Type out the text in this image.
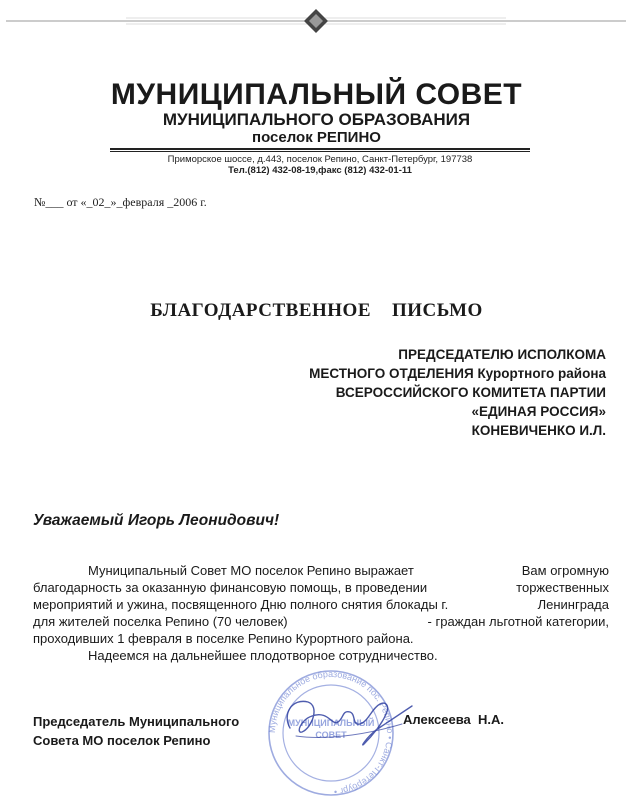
МУНИЦИПАЛЬНЫЙ СОВЕТ
МУНИЦИПАЛЬНОГО ОБРАЗОВАНИЯ
поселок РЕПИНО
Приморское шоссе, д.443, поселок Репино, Санкт-Петербург, 197738
Тел.(812) 432-08-19,факс (812) 432-01-11
№___ от «_02_»_февраля _2006 г.
БЛАГОДАРСТВЕННОЕ    ПИСЬМО
ПРЕДСЕДАТЕЛЮ ИСПОЛКОМА
МЕСТНОГО ОТДЕЛЕНИЯ Курортного района
ВСЕРОССИЙСКОГО КОМИТЕТА ПАРТИИ
«ЕДИНАЯ РОССИЯ»
КОНЕВИЧЕНКО И.Л.
Уважаемый Игорь Леонидович!
Муниципальный Совет МО поселок Репино выражает	Вам огромную
благодарность за оказанную финансовую помощь, в проведении	торжественных
мероприятий и ужина, посвященного Дню полного снятия блокады г.	Ленинграда
для жителей поселка Репино (70 человек)	- граждан льготной категории,
проходивших 1 февраля в поселке Репино Курортного района.
Надеемся на дальнейшее плодотворное сотрудничество.
Председатель Муниципального
Совета МО поселок Репино
Алексеева  Н.А.
Муниципальное образование пос. Репино • Санкт-Петербург •
МУНИЦИПАЛЬНЫЙ
СОВЕТ
